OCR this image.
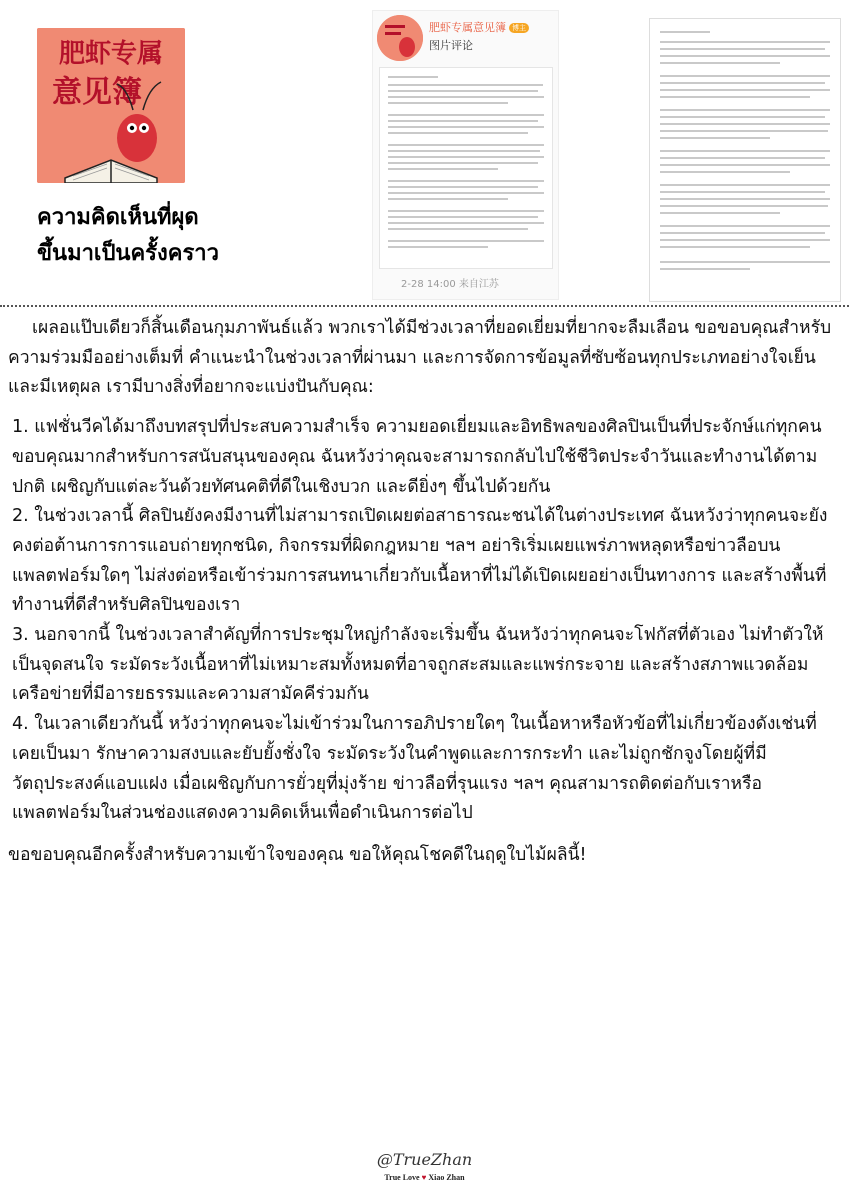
肥虾专属
意见簿
ความคิดเห็นที่ผุด
ขึ้นมาเป็นครั้งคราว
肥虾专属意见簿 博主
图片评论
2-28 14:00 来自江苏

เผลอแป๊บเดียวก็สิ้นเดือนกุมภาพันธ์แล้ว พวกเราได้มีช่วงเวลาที่ยอดเยี่ยมที่ยากจะลืมเลือน ขอขอบคุณสำหรับความร่วมมืออย่างเต็มที่ คำแนะนำในช่วงเวลาที่ผ่านมา และการจัดการข้อมูลที่ซับซ้อนทุกประเภทอย่างใจเย็นและมีเหตุผล เรามีบางสิ่งที่อยากจะแบ่งปันกับคุณ:

1. แฟชั่นวีคได้มาถึงบทสรุปที่ประสบความสำเร็จ ความยอดเยี่ยมและอิทธิพลของศิลปินเป็นที่ประจักษ์แก่ทุกคน ขอบคุณมากสำหรับการสนับสนุนของคุณ ฉันหวังว่าคุณจะสามารถกลับไปใช้ชีวิตประจำวันและทำงานได้ตามปกติ เผชิญกับแต่ละวันด้วยทัศนคติที่ดีในเชิงบวก และดียิ่งๆ ขึ้นไปด้วยกัน

2. ในช่วงเวลานี้ ศิลปินยังคงมีงานที่ไม่สามารถเปิดเผยต่อสาธารณะชนได้ในต่างประเทศ ฉันหวังว่าทุกคนจะยังคงต่อต้านการการแอบถ่ายทุกชนิด, กิจกรรมที่ผิดกฎหมาย ฯลฯ อย่าริเริ่มเผยแพร่ภาพหลุดหรือข่าวลือบนแพลตฟอร์มใดๆ ไม่ส่งต่อหรือเข้าร่วมการสนทนาเกี่ยวกับเนื้อหาที่ไม่ได้เปิดเผยอย่างเป็นทางการ และสร้างพื้นที่ทำงานที่ดีสำหรับศิลปินของเรา

3. นอกจากนี้ ในช่วงเวลาสำคัญที่การประชุมใหญ่กำลังจะเริ่มขึ้น ฉันหวังว่าทุกคนจะโฟกัสที่ตัวเอง ไม่ทำตัวให้เป็นจุดสนใจ ระมัดระวังเนื้อหาที่ไม่เหมาะสมทั้งหมดที่อาจถูกสะสมและแพร่กระจาย และสร้างสภาพแวดล้อมเครือข่ายที่มีอารยธรรมและความสามัคคีร่วมกัน

4. ในเวลาเดียวกันนี้ หวังว่าทุกคนจะไม่เข้าร่วมในการอภิปรายใดๆ ในเนื้อหาหรือหัวข้อที่ไม่เกี่ยวข้องดังเช่นที่เคยเป็นมา รักษาความสงบและยับยั้งชั่งใจ ระมัดระวังในคำพูดและการกระทำ และไม่ถูกชักจูงโดยผู้ที่มีวัตถุประสงค์แอบแฝง เมื่อเผชิญกับการยั่วยุที่มุ่งร้าย ข่าวลือที่รุนแรง ฯลฯ คุณสามารถติดต่อกับเราหรือแพลตฟอร์มในส่วนช่องแสดงความคิดเห็นเพื่อดำเนินการต่อไป

ขอขอบคุณอีกครั้งสำหรับความเข้าใจของคุณ ขอให้คุณโชคดีในฤดูใบไม้ผลินี้!

@TrueZhan
True Love ♥ Xiao Zhan
